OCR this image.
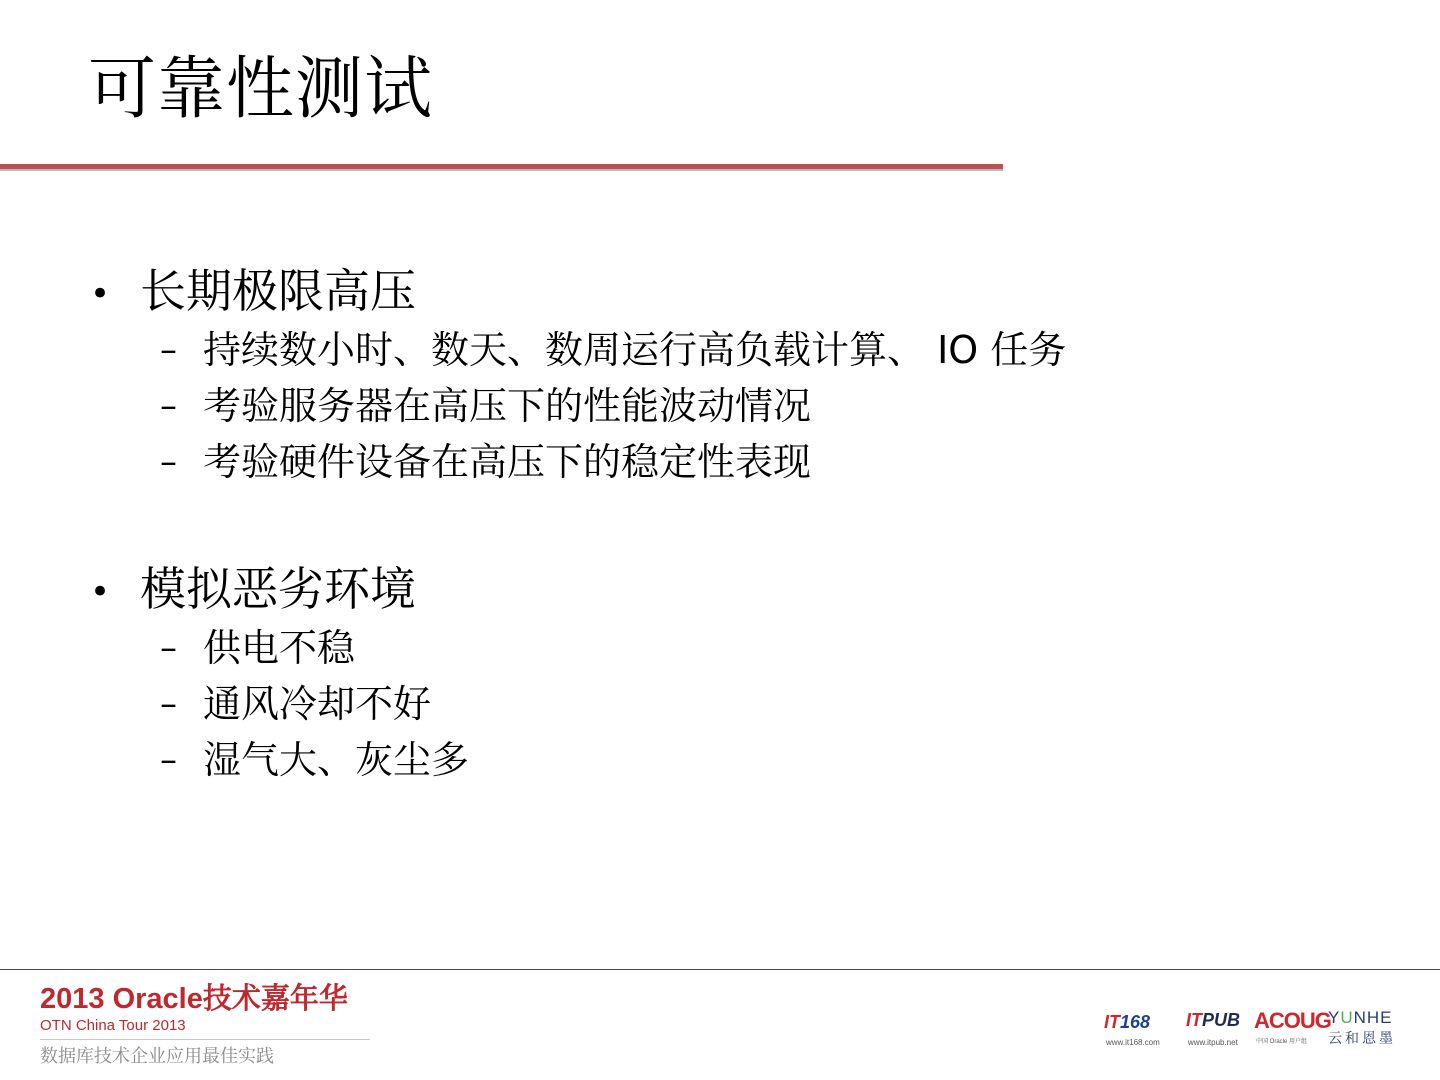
可靠性测试
• 长期极限高压
– 持续数小时、数天、数周运行高负载计算、 IO 任务
– 考验服务器在高压下的性能波动情况
– 考验硬件设备在高压下的稳定性表现
• 模拟恶劣环境
– 供电不稳
– 通风冷却不好
– 湿气大、灰尘多
2013 Oracle技术嘉年华
OTN China Tour 2013
数据库技术企业应用最佳实践
IT168
www.it168.com
ITPUB
www.itpub.net
ACOUG
中国 Oracle 用户组
YUNHE
云和恩墨
